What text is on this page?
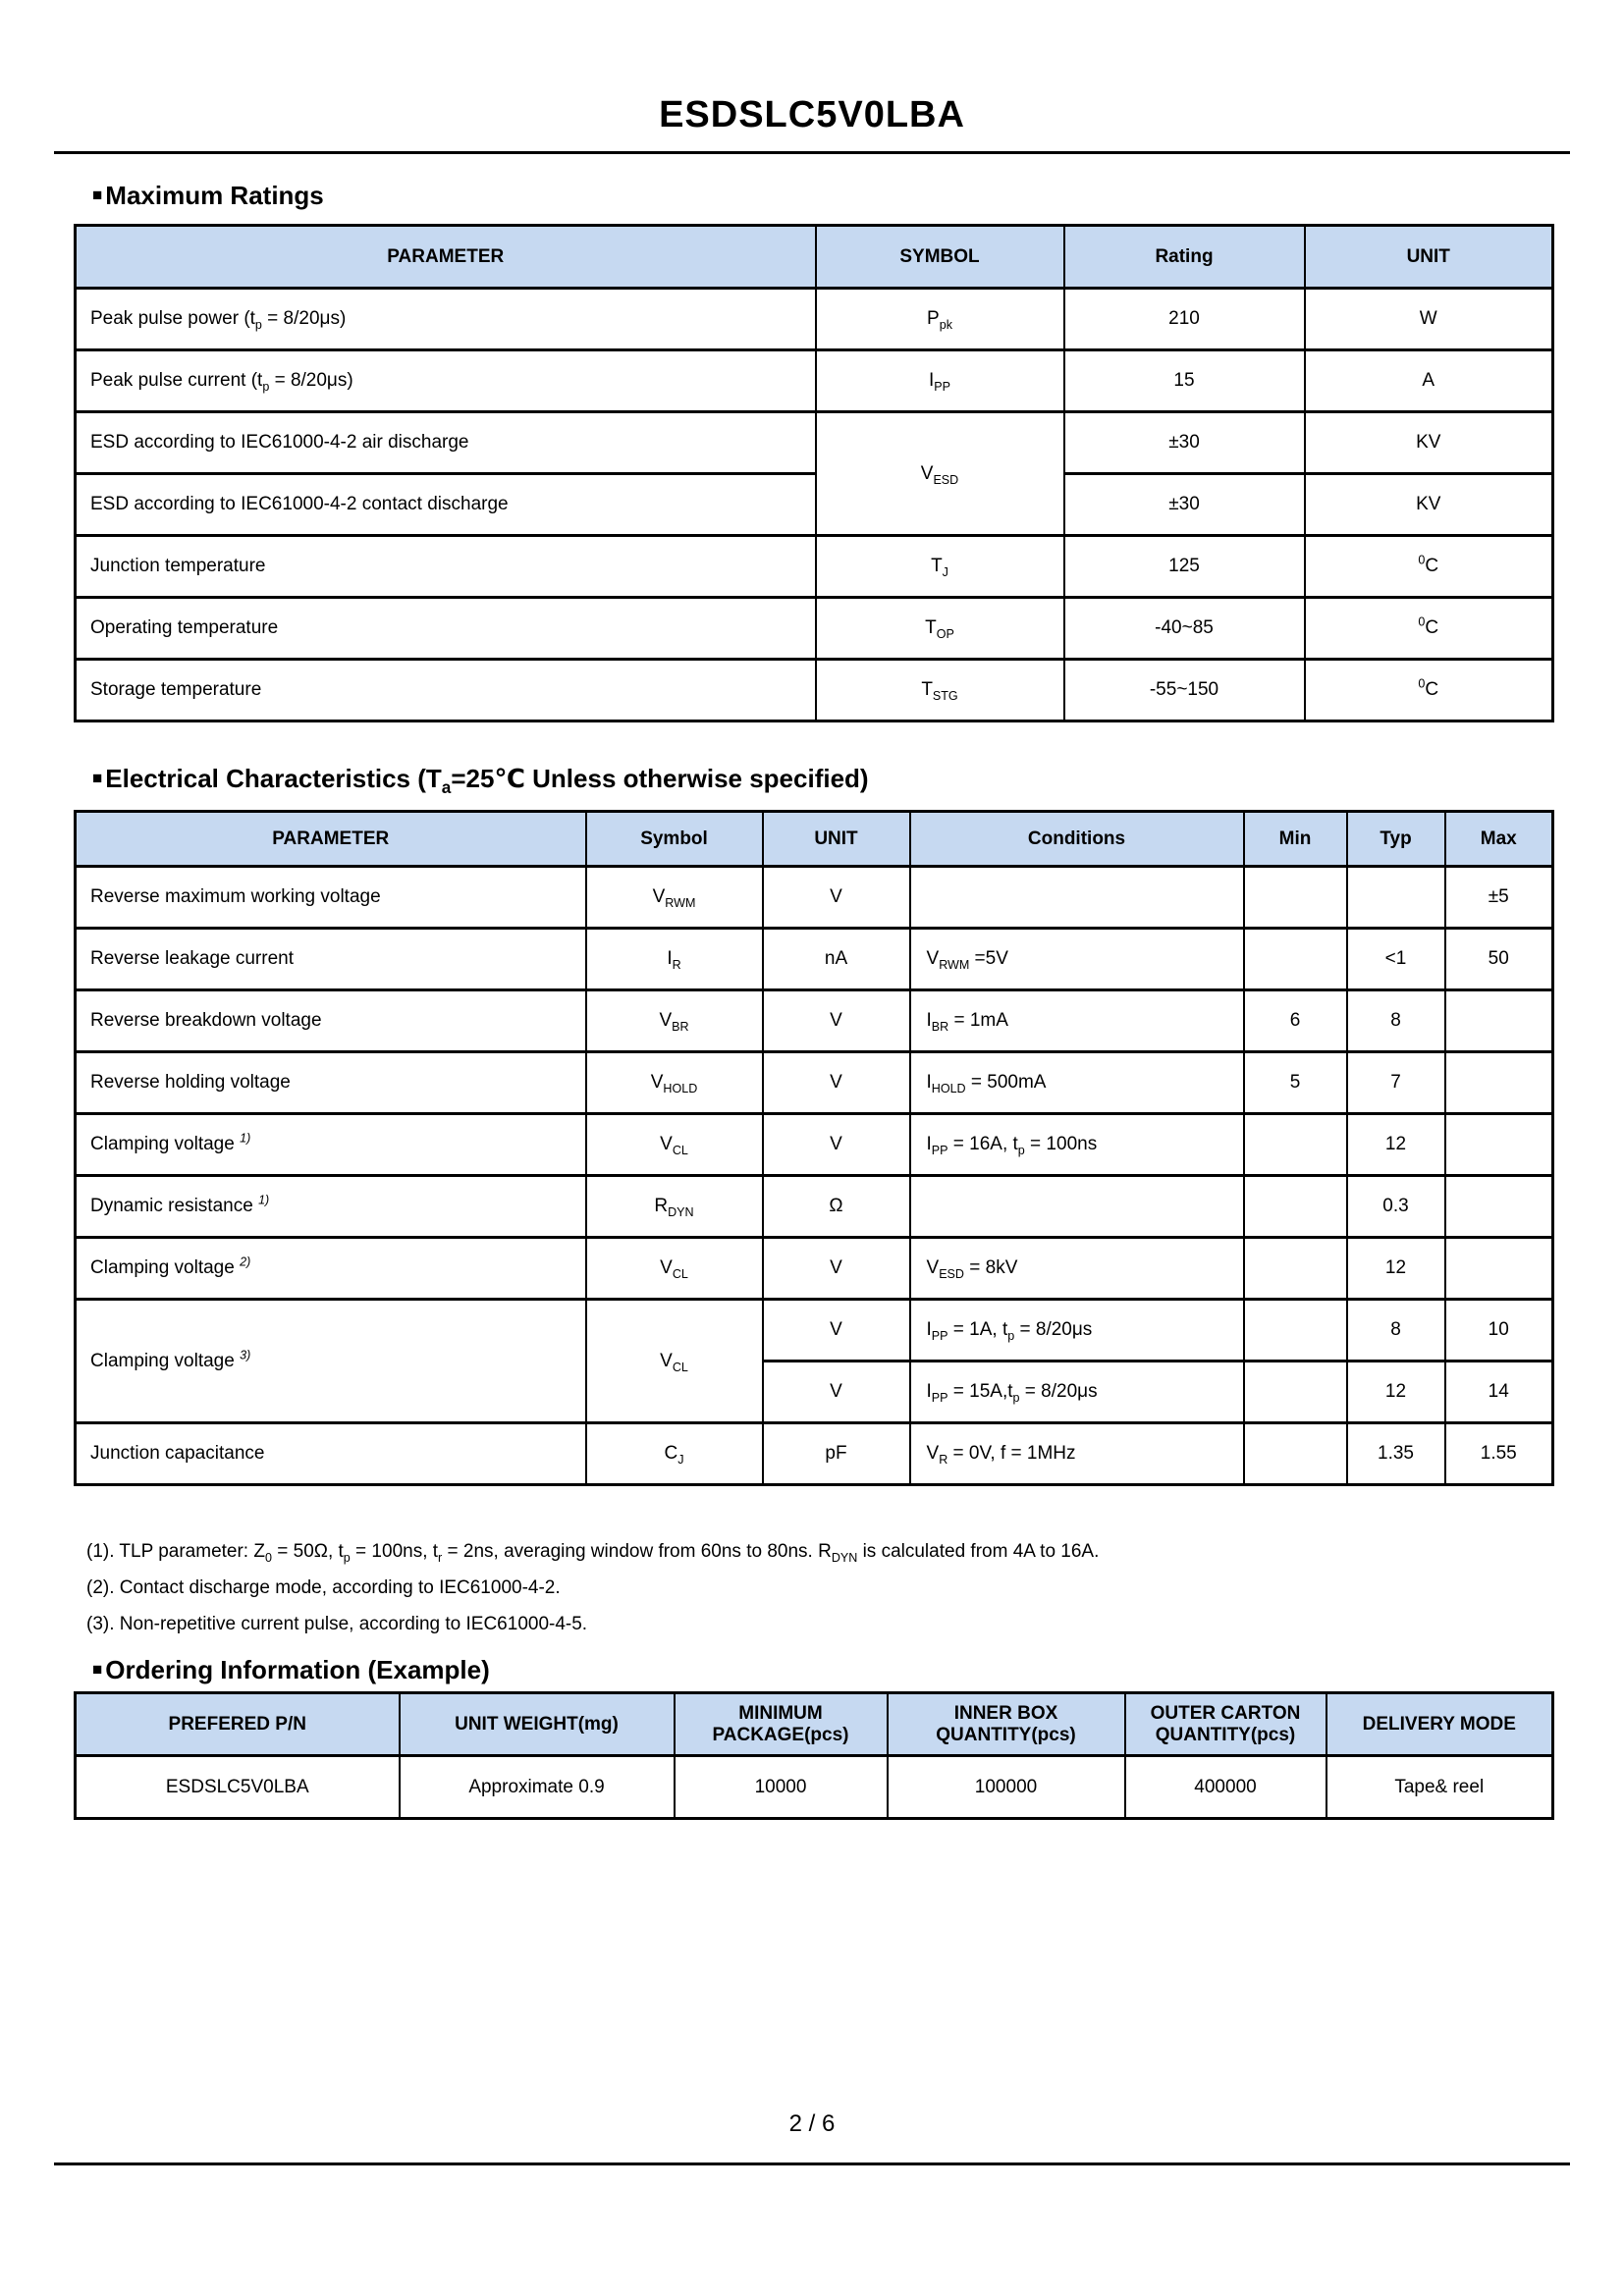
ESDSLC5V0LBA
■ Maximum Ratings
PARAMETER	SYMBOL	Rating	UNIT
Peak pulse power $(t_p = 8/20\mu s)$	$P_{pk}$	210	W
Peak pulse current $(t_p = 8/20\mu s)$	$I_{PP}$	15	A
ESD according to IEC61000-4-2 air discharge	$V_{ESD}$	±30	KV
ESD according to IEC61000-4-2 contact discharge		±30	KV
Junction temperature	$T_J$	125	$^0$C
Operating temperature	$T_{OP}$	-40~85	$^0$C
Storage temperature	$T_{STG}$	-55~150	$^0$C
■ Electrical Characteristics ($T_a=25℃$ Unless otherwise specified)
PARAMETER	Symbol	UNIT	Conditions	Min	Typ	Max
Reverse maximum working voltage	$V_{RWM}$	V				±5
Reverse leakage current	$I_R$	nA	$V_{RWM} =5V$		<1	50
Reverse breakdown voltage	$V_{BR}$	V	$I_{BR} = 1mA$	6	8	
Reverse holding voltage	$V_{HOLD}$	V	$I_{HOLD} = 500mA$	5	7	
Clamping voltage $^{1)}$	$V_{CL}$	V	$I_{PP} = 16A$, $t_p = 100ns$		12	
Dynamic resistance $^{1)}$	$R_{DYN}$	Ω			0.3	
Clamping voltage $^{2)}$	$V_{CL}$	V	$V_{ESD} = 8kV$		12	
Clamping voltage $^{3)}$	$V_{CL}$	V	$I_{PP} = 1A$, $t_p = 8/20\mu s$		8	10
		V	$I_{PP} = 15A,t_p = 8/20\mu s$		12	14
Junction capacitance	$C_J$	pF	$V_R = 0V$, f = 1MHz		1.35	1.55
(1). TLP parameter: $Z_0 = 50\Omega$, $t_p = 100ns$, $t_r = 2ns$, averaging window from 60ns to 80ns. $R_{DYN}$ is calculated from 4A to 16A.
(2). Contact discharge mode, according to IEC61000-4-2.
(3). Non-repetitive current pulse, according to IEC61000-4-5.
■ Ordering Information (Example)
PREFERED P/N	UNIT WEIGHT(mg)	MINIMUM PACKAGE(pcs)	INNER BOX QUANTITY(pcs)	OUTER CARTON QUANTITY(pcs)	DELIVERY MODE
ESDSLC5V0LBA	Approximate 0.9	10000	100000	400000	Tape& reel
2 / 6
